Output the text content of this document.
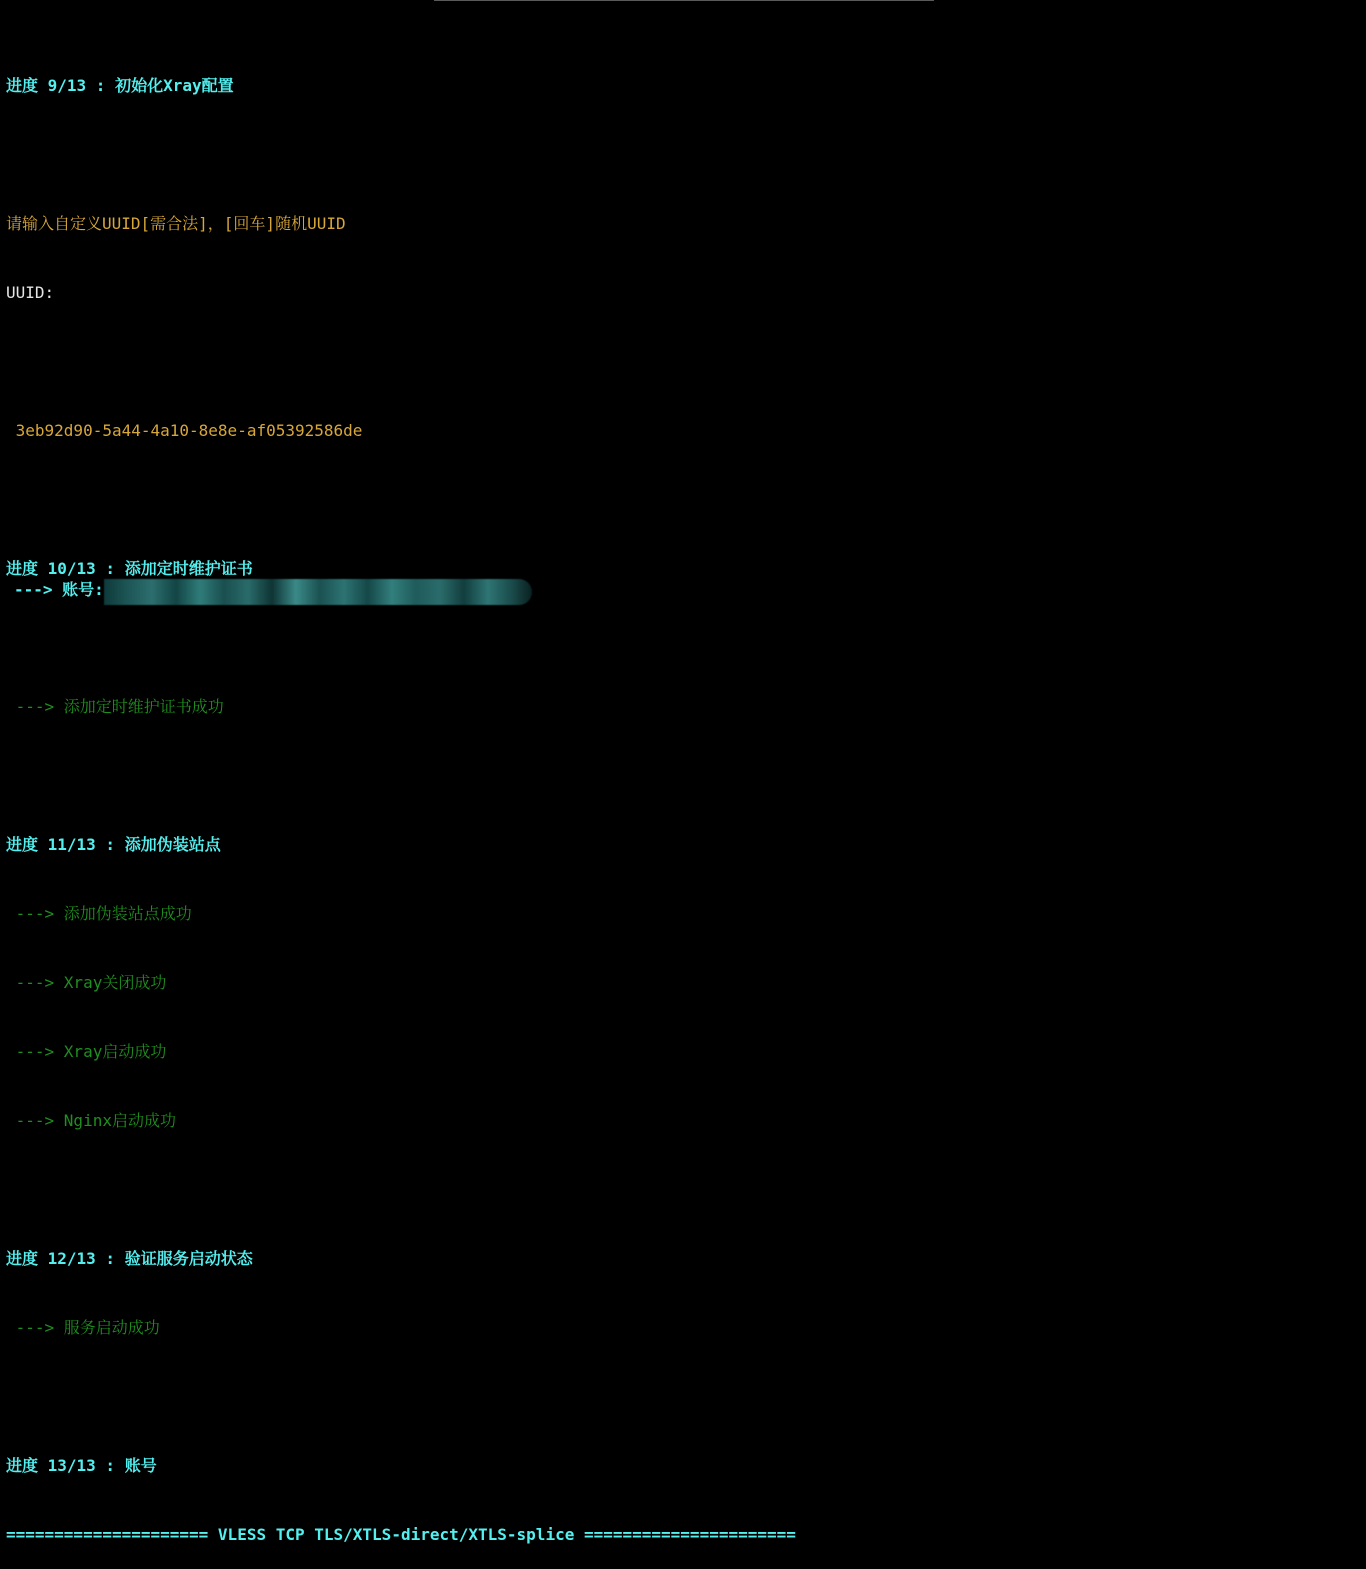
进度 9/13 : 初始化Xray配置

请输入自定义UUID[需合法]，[回车]随机UUID

UUID:

3eb92d90-5a44-4a10-8e8e-af05392586de

进度 10/13 : 添加定时维护证书

---> 添加定时维护证书成功

进度 11/13 : 添加伪装站点

---> 添加伪装站点成功

---> Xray关闭成功

---> Xray启动成功

---> Nginx启动成功

进度 12/13 : 验证服务启动状态

---> 服务启动成功

进度 13/13 : 账号

===================== VLESS TCP TLS/XTLS-direct/XTLS-splice ======================

---> 账号:
